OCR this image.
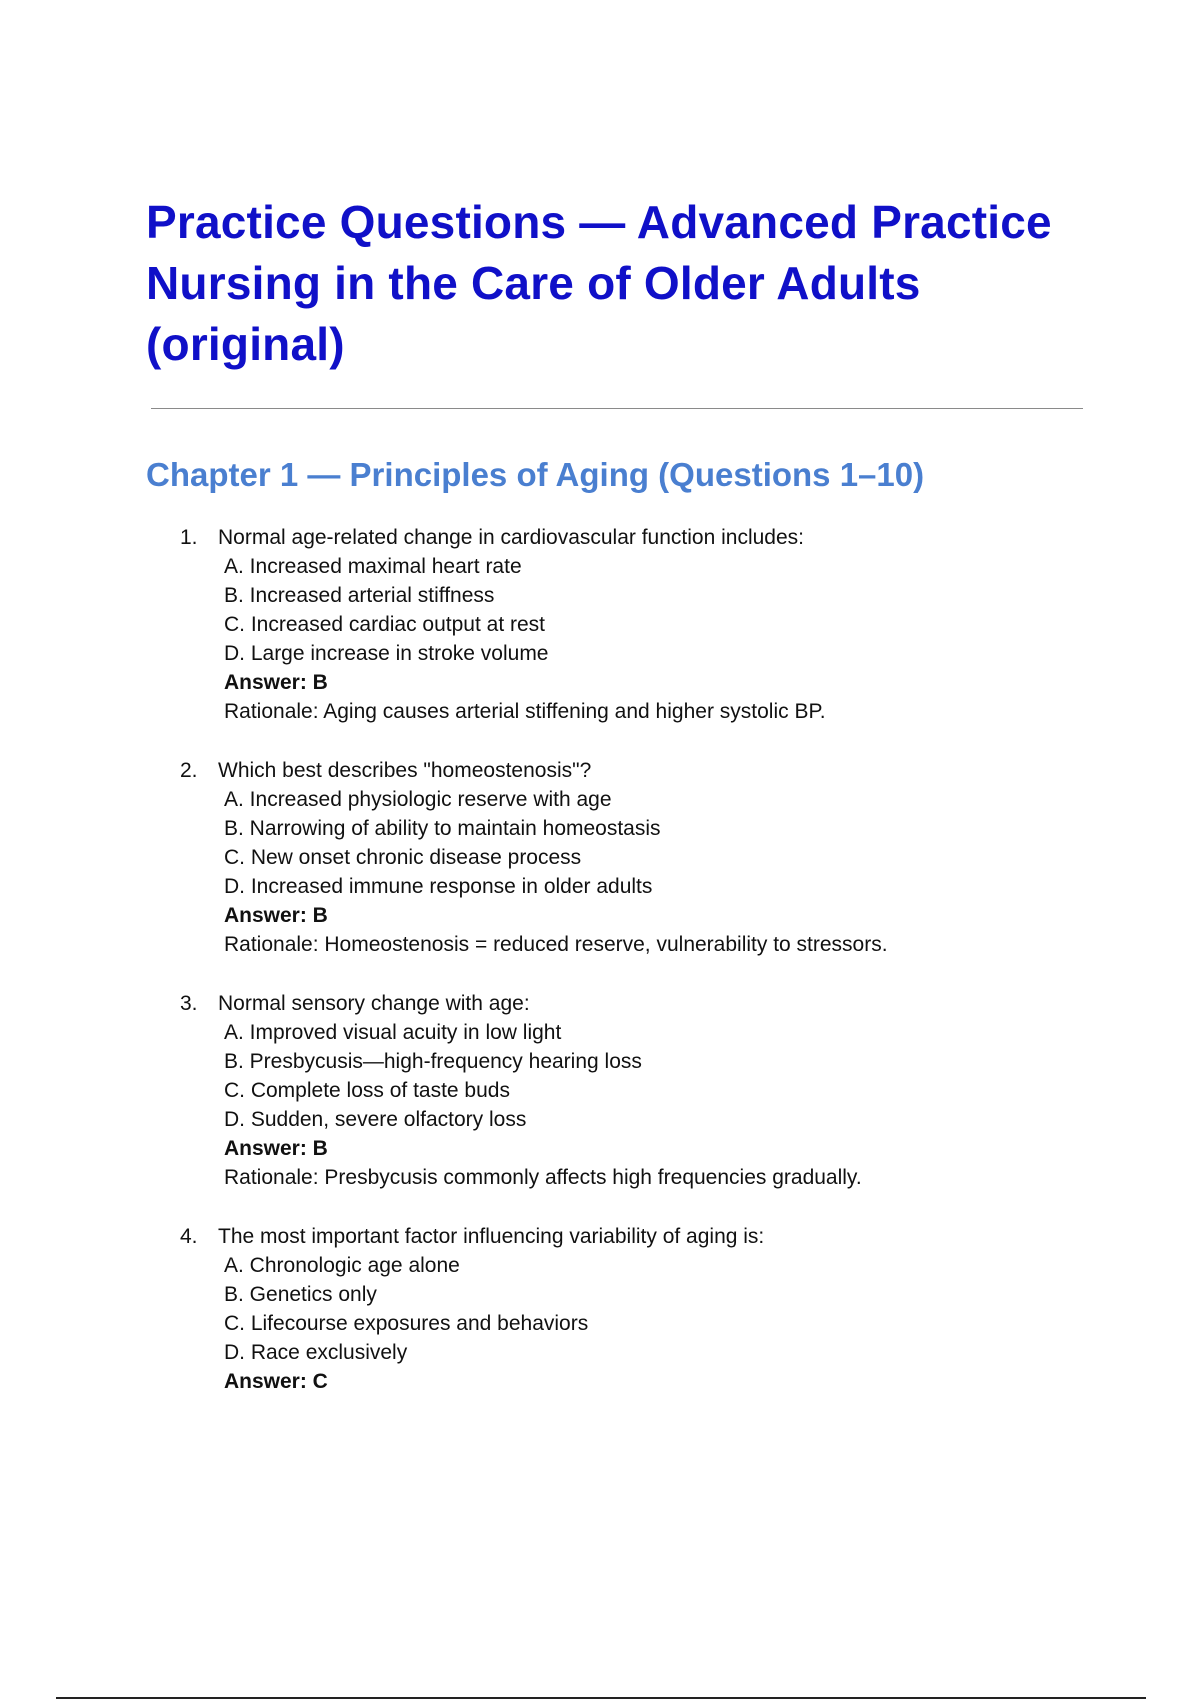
Practice Questions — Advanced Practice Nursing in the Care of Older Adults (original)
Chapter 1 — Principles of Aging (Questions 1–10)
1. Normal age-related change in cardiovascular function includes:
A. Increased maximal heart rate
B. Increased arterial stiffness
C. Increased cardiac output at rest
D. Large increase in stroke volume
Answer: B
Rationale: Aging causes arterial stiffening and higher systolic BP.
2. Which best describes "homeostenosis"?
A. Increased physiologic reserve with age
B. Narrowing of ability to maintain homeostasis
C. New onset chronic disease process
D. Increased immune response in older adults
Answer: B
Rationale: Homeostenosis = reduced reserve, vulnerability to stressors.
3. Normal sensory change with age:
A. Improved visual acuity in low light
B. Presbycusis—high-frequency hearing loss
C. Complete loss of taste buds
D. Sudden, severe olfactory loss
Answer: B
Rationale: Presbycusis commonly affects high frequencies gradually.
4. The most important factor influencing variability of aging is:
A. Chronologic age alone
B. Genetics only
C. Lifecourse exposures and behaviors
D. Race exclusively
Answer: C
